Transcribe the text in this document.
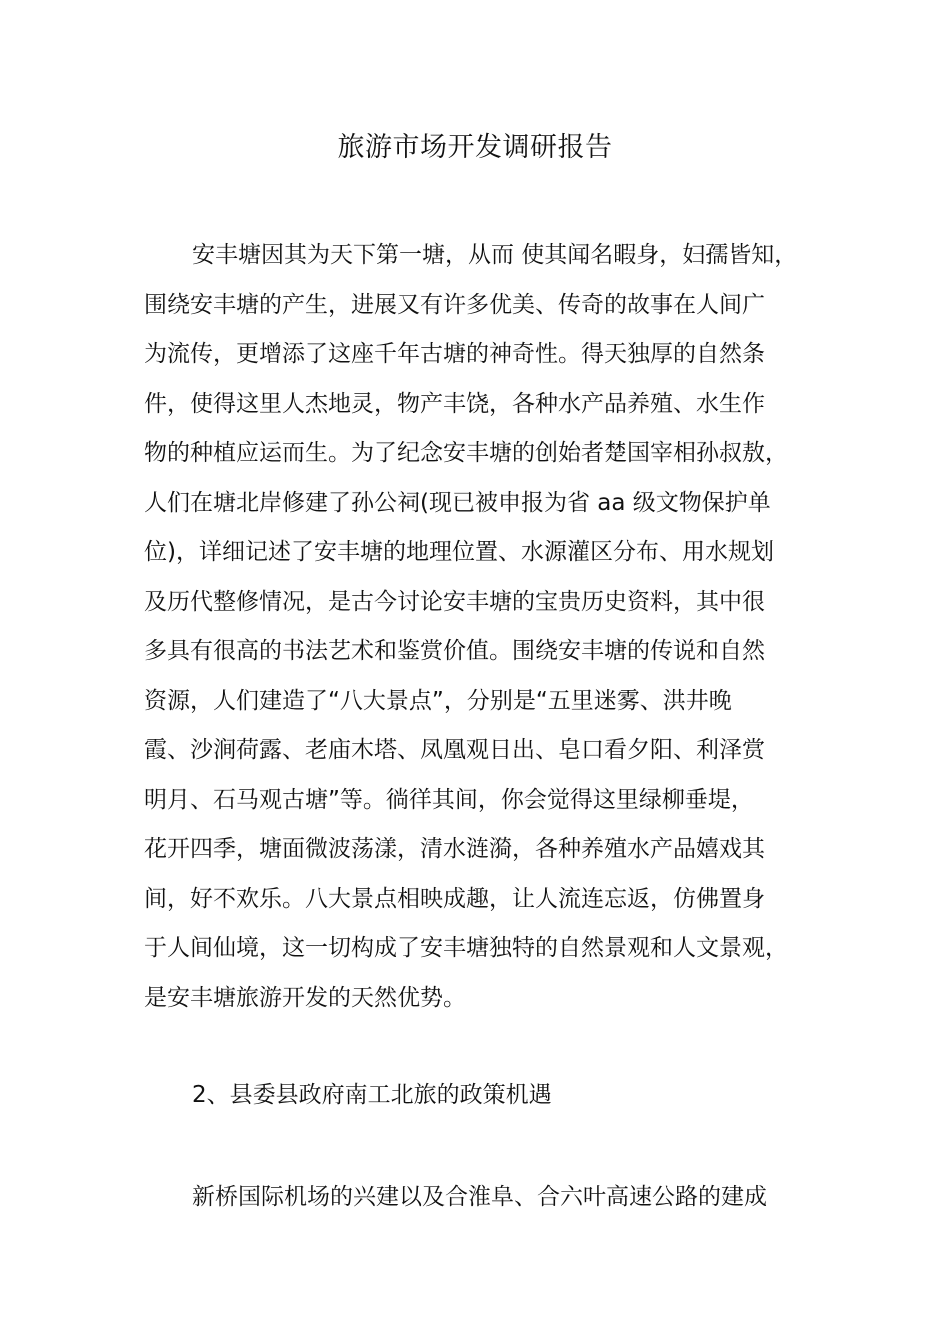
旅游市场开发调研报告
安丰塘因其为天下第一塘，从而 使其闻名暇身，妇孺皆知，
围绕安丰塘的产生，进展又有许多优美、传奇的故事在人间广
为流传，更增添了这座千年古塘的神奇性。得天独厚的自然条
件，使得这里人杰地灵，物产丰饶，各种水产品养殖、水生作
物的种植应运而生。为了纪念安丰塘的创始者楚国宰相孙叔敖，
人们在塘北岸修建了孙公祠(现已被申报为省 aa 级文物保护单
位)，详细记述了安丰塘的地理位置、水源灌区分布、用水规划
及历代整修情况，是古今讨论安丰塘的宝贵历史资料，其中很
多具有很高的书法艺术和鉴赏价值。围绕安丰塘的传说和自然
资源，人们建造了“八大景点”，分别是“五里迷雾、洪井晚
霞、沙涧荷露、老庙木塔、凤凰观日出、皂口看夕阳、利泽赏
明月、石马观古塘”等。徜徉其间，你会觉得这里绿柳垂堤，
花开四季，塘面微波荡漾，清水涟漪，各种养殖水产品嬉戏其
间，好不欢乐。八大景点相映成趣，让人流连忘返，仿佛置身
于人间仙境，这一切构成了安丰塘独特的自然景观和人文景观，
是安丰塘旅游开发的天然优势。
2、县委县政府南工北旅的政策机遇

新桥国际机场的兴建以及合淮阜、合六叶高速公路的建成
